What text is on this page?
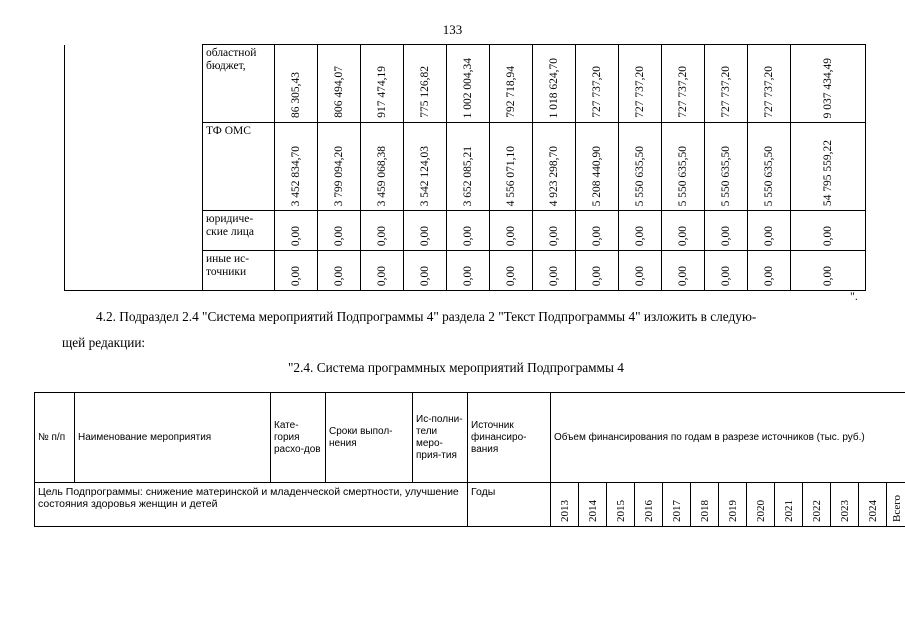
133
	областной бюджет,	86 305,43	806 494,07	917 474,19	775 126,82	1 002 004,34	792 718,94	1 018 624,70	727 737,20	727 737,20	727 737,20	727 737,20	727 737,20	9 037 434,49

	ТФ ОМС	3 452 834,70	3 799 094,20	3 459 068,38	3 542 124,03	3 652 085,21	4 556 071,10	4 923 298,70	5 208 440,90	5 550 635,50	5 550 635,50	5 550 635,50	5 550 635,50	54 795 559,22

	юридиче-ские лица	0,00	0,00	0,00	0,00	0,00	0,00	0,00	0,00	0,00	0,00	0,00	0,00	0,00

	иные ис-точники	0,00	0,00	0,00	0,00	0,00	0,00	0,00	0,00	0,00	0,00	0,00	0,00	0,00
".
4.2. Подраздел 2.4 "Система мероприятий Подпрограммы 4" раздела 2 "Текст Подпрограммы 4" изложить в следую-
щей редакции:
"2.4. Система программных мероприятий Подпрограммы 4
№ п/п	Наименование мероприятия	Кате-гория расхо-дов	Сроки выпол-нения	Ис-полни-тели меро-прия-тия	Источник финансиро-вания	Объем финансирования по годам в разрезе источников (тыс. руб.)												
Цель Подпрограммы: снижение материнской и младенческой смертности, улучшение состояния здоровья женщин и детей					Годы	2013	2014	2015	2016	2017	2018	2019	2020	2021	2022	2023	2024	Всего
